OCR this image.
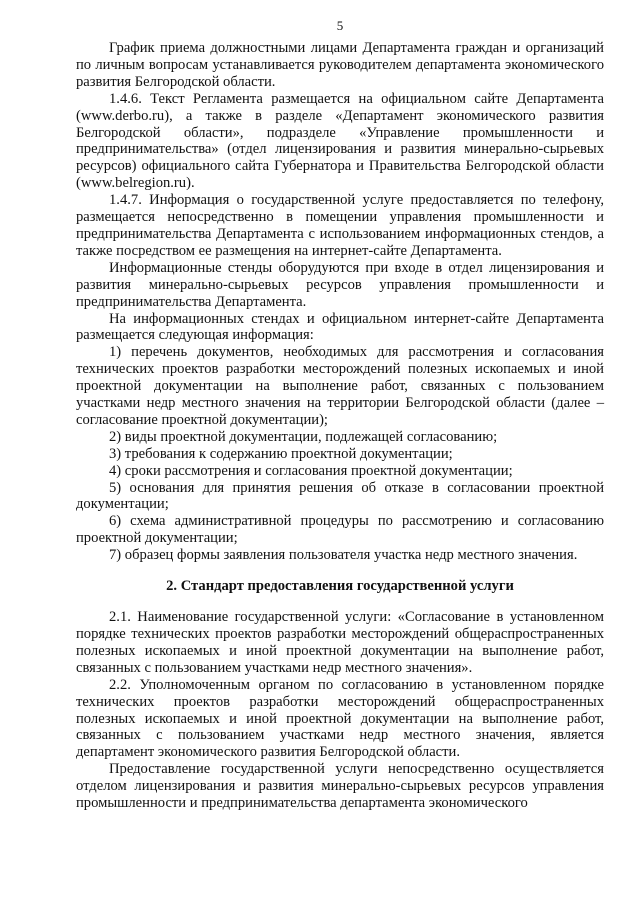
5

График приема должностными лицами Департамента граждан и организаций по личным вопросам устанавливается руководителем департамента экономического развития Белгородской области.

1.4.6. Текст Регламента размещается на официальном сайте Департамента (www.derbo.ru), а также в разделе «Департамент экономического развития Белгородской области», подразделе «Управление промышленности и предпринимательства» (отдел лицензирования и развития минерально-сырьевых ресурсов) официального сайта Губернатора и Правительства Белгородской области (www.belregion.ru).

1.4.7. Информация о государственной услуге предоставляется по телефону, размещается непосредственно в помещении управления промышленности и предпринимательства Департамента с использованием информационных стендов, а также посредством ее размещения на интернет-сайте Департамента.

Информационные стенды оборудуются при входе в отдел лицензирования и развития минерально-сырьевых ресурсов управления промышленности и предпринимательства Департамента.

На информационных стендах и официальном интернет-сайте Департамента размещается следующая информация:

1) перечень документов, необходимых для рассмотрения и согласования технических проектов разработки месторождений полезных ископаемых и иной проектной документации на выполнение работ, связанных с пользованием участками недр местного значения на территории Белгородской области (далее – согласование проектной документации);

2) виды проектной документации, подлежащей согласованию;

3) требования к содержанию проектной документации;

4) сроки рассмотрения и согласования проектной документации;

5) основания для принятия решения об отказе в согласовании проектной документации;

6) схема административной процедуры по рассмотрению и согласованию проектной документации;

7) образец формы заявления пользователя участка недр местного значения.

2. Стандарт предоставления государственной услуги

2.1. Наименование государственной услуги: «Согласование в установленном порядке технических проектов разработки месторождений общераспространенных полезных ископаемых и иной проектной документации на выполнение работ, связанных с пользованием участками недр местного значения».

2.2. Уполномоченным органом по согласованию в установленном порядке технических проектов разработки месторождений общераспространенных полезных ископаемых и иной проектной документации на выполнение работ, связанных с пользованием участками недр местного значения, является департамент экономического развития Белгородской области.

Предоставление государственной услуги непосредственно осуществляется отделом лицензирования и развития минерально-сырьевых ресурсов управления промышленности и предпринимательства департамента экономического
